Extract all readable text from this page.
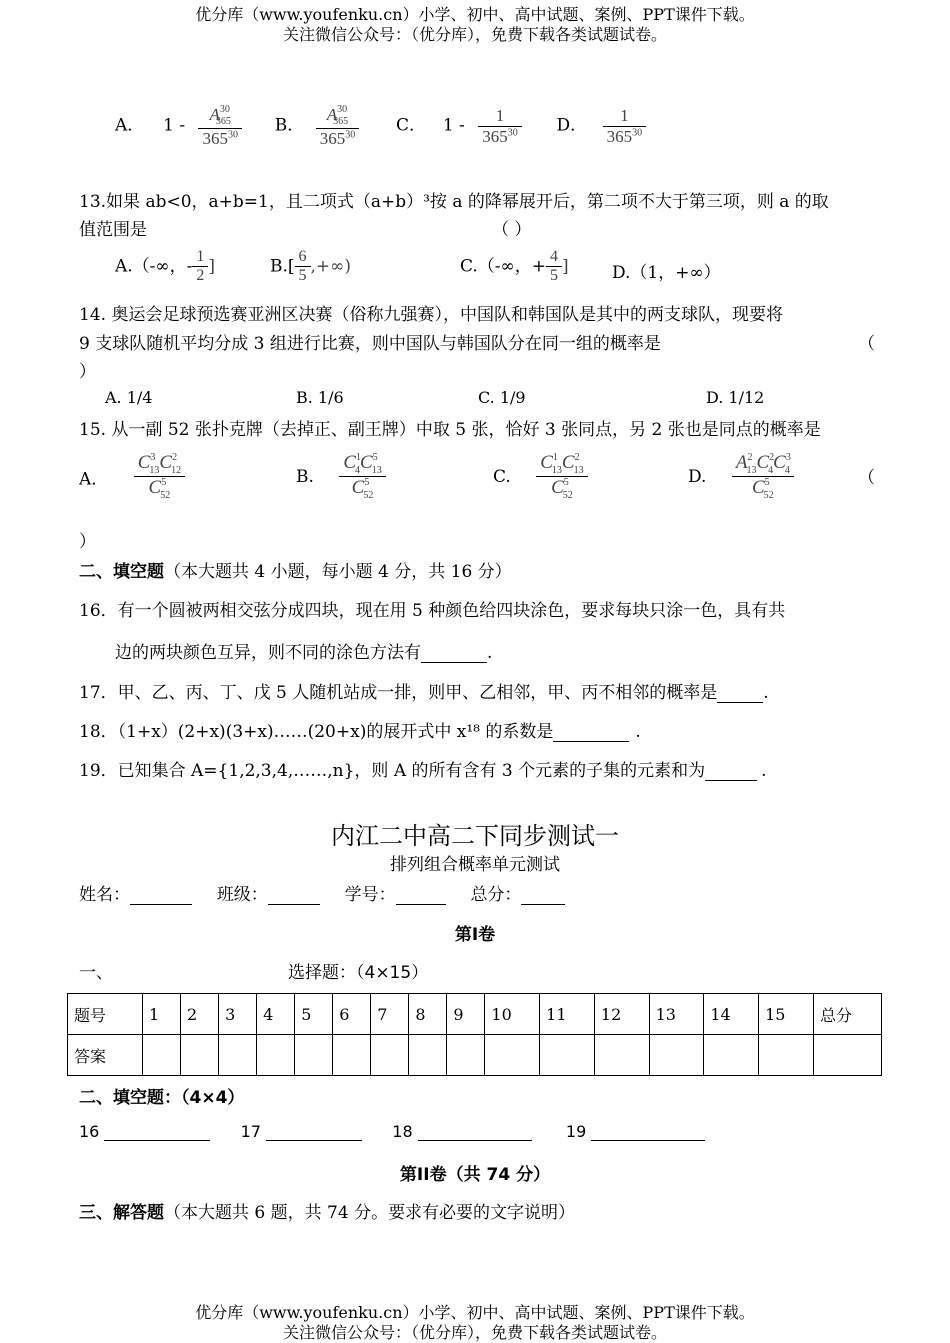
优分库（www.youfenku.cn）小学、初中、高中试题、案例、PPT课件下载。
关注微信公众号：（优分库），免费下载各类试题试卷。
A． $1 - \frac{A^{30}_{365}}{365^{30}}$ B． $\frac{A^{30}_{365}}{365^{30}}$ C． $1 - \frac{1}{365^{30}}$ D． $\frac{1}{365^{30}}$
13.如果 ab<0，a+b=1，且二项式（a+b）³按 a 的降幂展开后，第二项不大于第三项，则 a 的取
值范围是	（ ）
A.（-∞，- $\frac{1}{2}$ ]	$B.[ \frac{6}{5}$ ,+∞)	C.（-∞，+ $\frac{4}{5}$ ]	D.（1，+∞）
14. 奥运会足球预选赛亚洲区决赛（俗称九强赛），中国队和韩国队是其中的两支球队，现要将
9 支球队随机平均分成 3 组进行比赛，则中国队与韩国队分在同一组的概率是	（
）
A. 1/4	B. 1/6	C. 1/9	D. 1/12
15. 从一副 52 张扑克牌（去掉正、副王牌）中取 5 张，恰好 3 张同点，另 2 张也是同点的概率是
A． $\frac{C^3_{13}C^2_{12}}{C^5_{52}}$	B. $\frac{C^1_4C^5_{13}}{C^5_{52}}$	C. $\frac{C^1_{13}C^2_{13}}{C^5_{52}}$	D. $\frac{A^2_{13}C^2_4C^3_4}{C^5_{52}}$	（
）
二、填空题（本大题共 4 小题，每小题 4 分，共 16 分）
16．有一个圆被两相交弦分成四块，现在用 5 种颜色给四块涂色，要求每块只涂一色，具有共
边的两块颜色互异，则不同的涂色方法有	.
17．甲、乙、丙、丁、戊 5 人随机站成一排，则甲、乙相邻，甲、丙不相邻的概率是	.
18．（1+x）(2+x)(3+x)……(20+x)的展开式中 x¹⁸ 的系数是	.
19．已知集合 A={1,2,3,4,……,n}，则 A 的所有含有 3 个元素的子集的元素和为	.
内江二中高二下同步测试一
排列组合概率单元测试
姓名：	班级：	学号：	总分：
第I卷
一、	选择题：（4×15）
题号	1	2	3	4	5	6	7	8	9	10	11	12	13	14	15	总分
答案																
二、填空题：（4×4）
16	17	18	19
第II卷（共 74 分）
三、解答题（本大题共 6 题，共 74 分。要求有必要的文字说明）
优分库（www.youfenku.cn）小学、初中、高中试题、案例、PPT课件下载。
关注微信公众号：（优分库），免费下载各类试题试卷。
